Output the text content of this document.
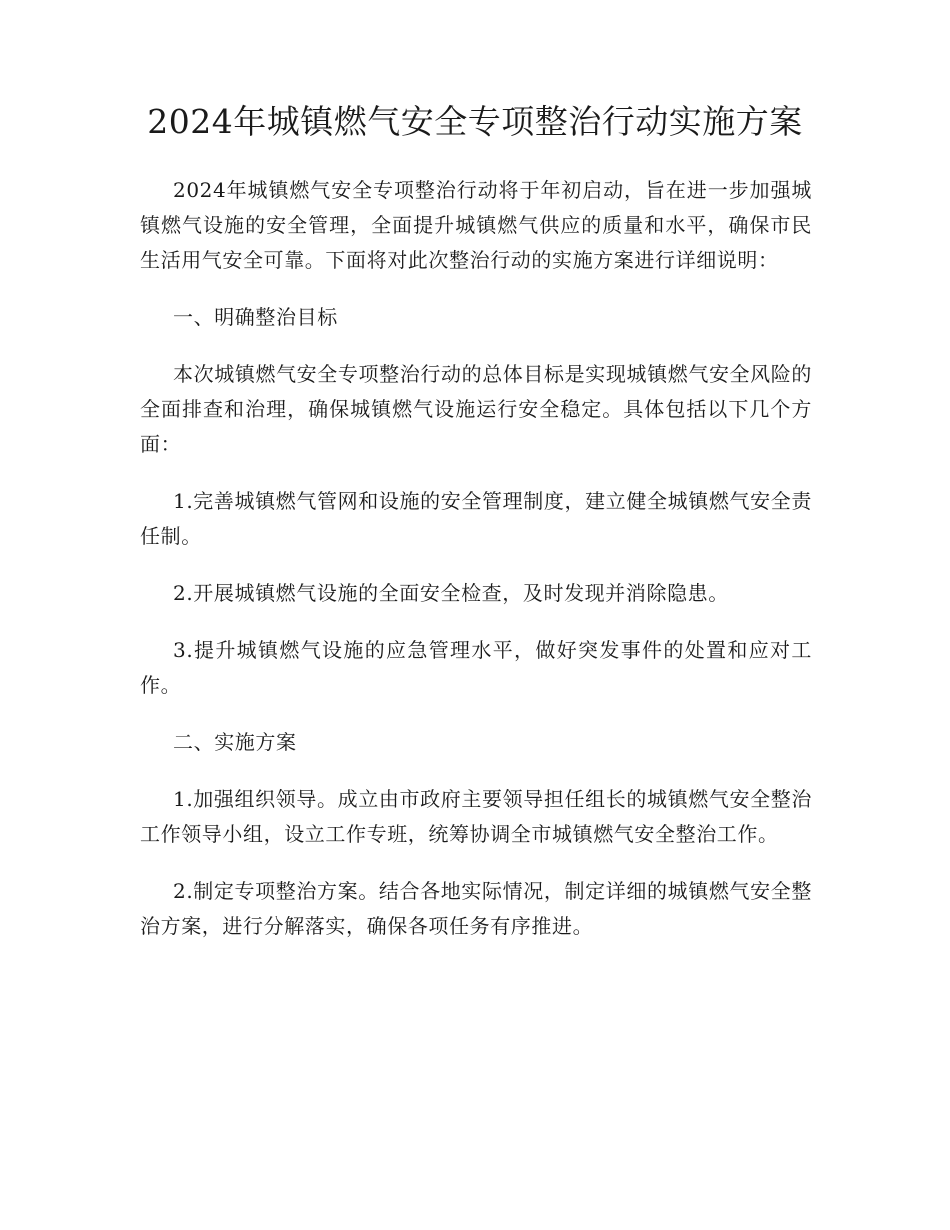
2024年城镇燃气安全专项整治行动实施方案

2024年城镇燃气安全专项整治行动将于年初启动，旨在进一步加强城镇燃气设施的安全管理，全面提升城镇燃气供应的质量和水平，确保市民生活用气安全可靠。下面将对此次整治行动的实施方案进行详细说明：

一、明确整治目标

本次城镇燃气安全专项整治行动的总体目标是实现城镇燃气安全风险的全面排查和治理，确保城镇燃气设施运行安全稳定。具体包括以下几个方面：

1.完善城镇燃气管网和设施的安全管理制度，建立健全城镇燃气安全责任制。

2.开展城镇燃气设施的全面安全检查，及时发现并消除隐患。

3.提升城镇燃气设施的应急管理水平，做好突发事件的处置和应对工作。

二、实施方案

1.加强组织领导。成立由市政府主要领导担任组长的城镇燃气安全整治工作领导小组，设立工作专班，统筹协调全市城镇燃气安全整治工作。

2.制定专项整治方案。结合各地实际情况，制定详细的城镇燃气安全整治方案，进行分解落实，确保各项任务有序推进。
